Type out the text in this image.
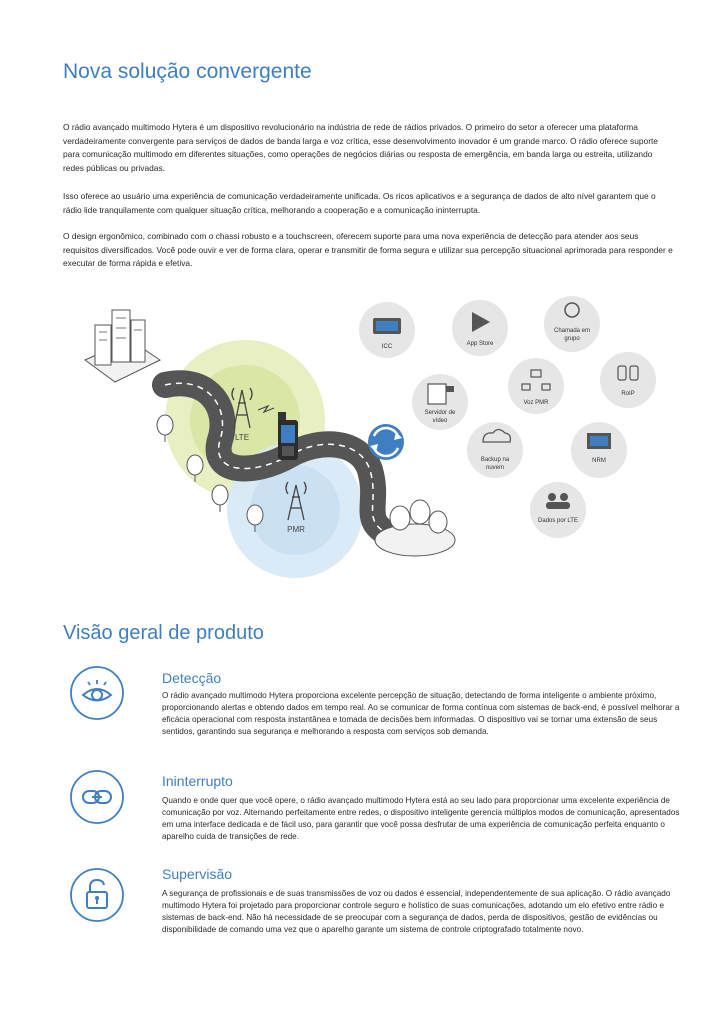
Nova solução convergente

O rádio avançado multimodo Hytera é um dispositivo revolucionário na indústria de rede de rádios privados. O primeiro do setor a oferecer uma plataforma verdadeiramente convergente para serviços de dados de banda larga e voz crítica, esse desenvolvimento inovador é um grande marco. O rádio oferece suporte para comunicação multimodo em diferentes situações, como operações de negócios diárias ou resposta de emergência, em banda larga ou estreita, utilizando redes públicas ou privadas.

Isso oferece ao usuário uma experiência de comunicação verdadeiramente unificada. Os ricos aplicativos e a segurança de dados de alto nível garantem que o rádio lide tranquilamente com qualquer situação crítica, melhorando a cooperação e a comunicação ininterrupta.

O design ergonômico, combinado com o chassi robusto e a touchscreen, oferecem suporte para uma nova experiência de detecção para atender aos seus requisitos diversificados. Você pode ouvir e ver de forma clara, operar e transmitir de forma segura e utilizar sua percepção situacional aprimorada para responder e executar de forma rápida e efetiva.

LTE
PMR
ICC	App Store
Chamada em
grupo
Servidor de
vídeo
Voz PMR
RoIP
Backup na
nuvem
NRM
Dados por LTE
Visão geral de produto
Detecção

O rádio avançado multimodo Hytera proporciona excelente percepção de situação, detectando de forma inteligente o ambiente próximo, proporcionando alertas e obtendo dados em tempo real. Ao se comunicar de forma contínua com sistemas de back-end, é possível melhorar a eficácia operacional com resposta instantânea e tomada de decisões bem informadas. O dispositivo vai se tornar uma extensão de seus sentidos, garantindo sua segurança e melhorando a resposta com serviços sob demanda.

Ininterrupto

Quando e onde quer que você opere, o rádio avançado multimodo Hytera está ao seu lado para proporcionar uma excelente experiência de comunicação por voz. Alternando perfeitamente entre redes, o dispositivo inteligente gerencia múltiplos modos de comunicação, apresentados em uma interface dedicada e de fácil uso, para garantir que você possa desfrutar de uma experiência de comunicação perfeita enquanto o aparelho cuida de transições de rede.

Supervisão

A segurança de profissionais e de suas transmissões de voz ou dados é essencial, independentemente de sua aplicação. O rádio avançado multimodo Hytera foi projetado para proporcionar controle seguro e holístico de suas comunicações, adotando um elo efetivo entre rádio e sistemas de back-end. Não há necessidade de se preocupar com a segurança de dados, perda de dispositivos, gestão de evidências ou disponibilidade de comando uma vez que o aparelho garante um sistema de controle criptografado totalmente novo.
